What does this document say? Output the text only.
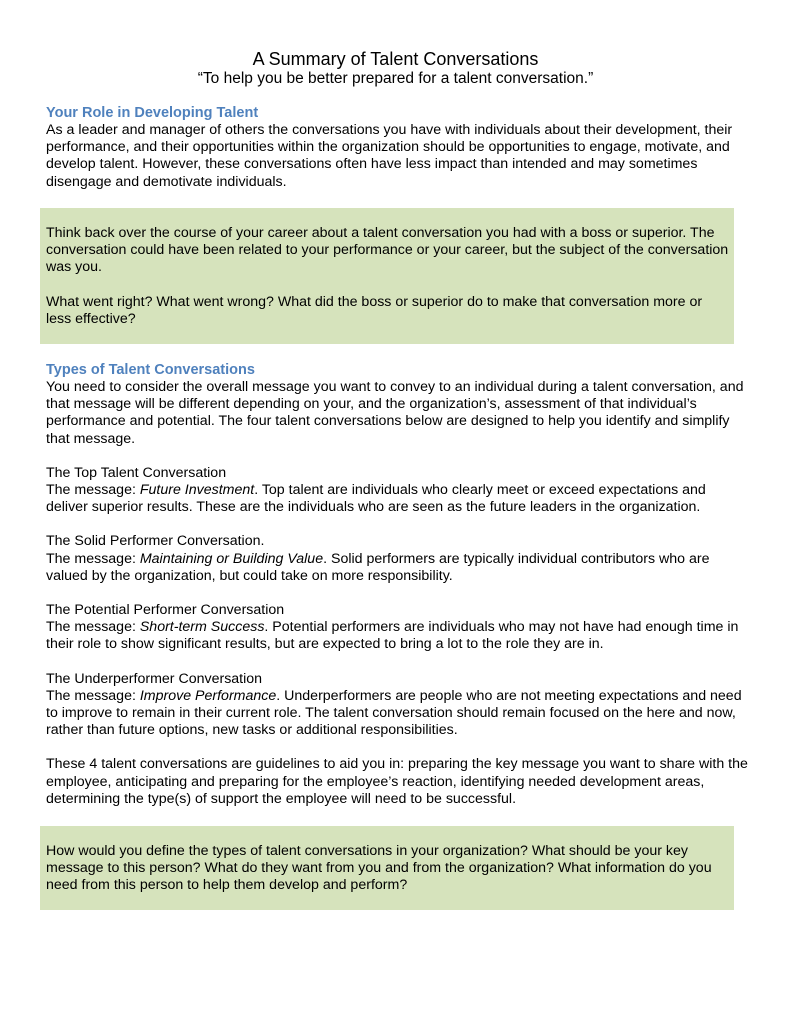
A Summary of Talent Conversations
“To help you be better prepared for a talent conversation.”
Your Role in Developing Talent
As a leader and manager of others the conversations you have with individuals about their development, their performance, and their opportunities within the organization should be opportunities to engage, motivate, and develop talent. However, these conversations often have less impact than intended and may sometimes disengage and demotivate individuals.

Think back over the course of your career about a talent conversation you had with a boss or superior. The conversation could have been related to your performance or your career, but the subject of the conversation was you.

What went right? What went wrong? What did the boss or superior do to make that conversation more or less effective?

Types of Talent Conversations

You need to consider the overall message you want to convey to an individual during a talent conversation, and that message will be different depending on your, and the organization’s, assessment of that individual’s performance and potential. The four talent conversations below are designed to help you identify and simplify that message.

The Top Talent Conversation

The message: Future Investment. Top talent are individuals who clearly meet or exceed expectations and deliver superior results. These are the individuals who are seen as the future leaders in the organization.

The Solid Performer Conversation.

The message: Maintaining or Building Value. Solid performers are typically individual contributors who are valued by the organization, but could take on more responsibility.

The Potential Performer Conversation

The message: Short-term Success. Potential performers are individuals who may not have had enough time in their role to show significant results, but are expected to bring a lot to the role they are in.

The Underperformer Conversation

The message: Improve Performance. Underperformers are people who are not meeting expectations and need to improve to remain in their current role. The talent conversation should remain focused on the here and now, rather than future options, new tasks or additional responsibilities.

These 4 talent conversations are guidelines to aid you in: preparing the key message you want to share with the employee, anticipating and preparing for the employee’s reaction, identifying needed development areas, determining the type(s) of support the employee will need to be successful.

How would you define the types of talent conversations in your organization? What should be your key message to this person? What do they want from you and from the organization? What information do you need from this person to help them develop and perform?
